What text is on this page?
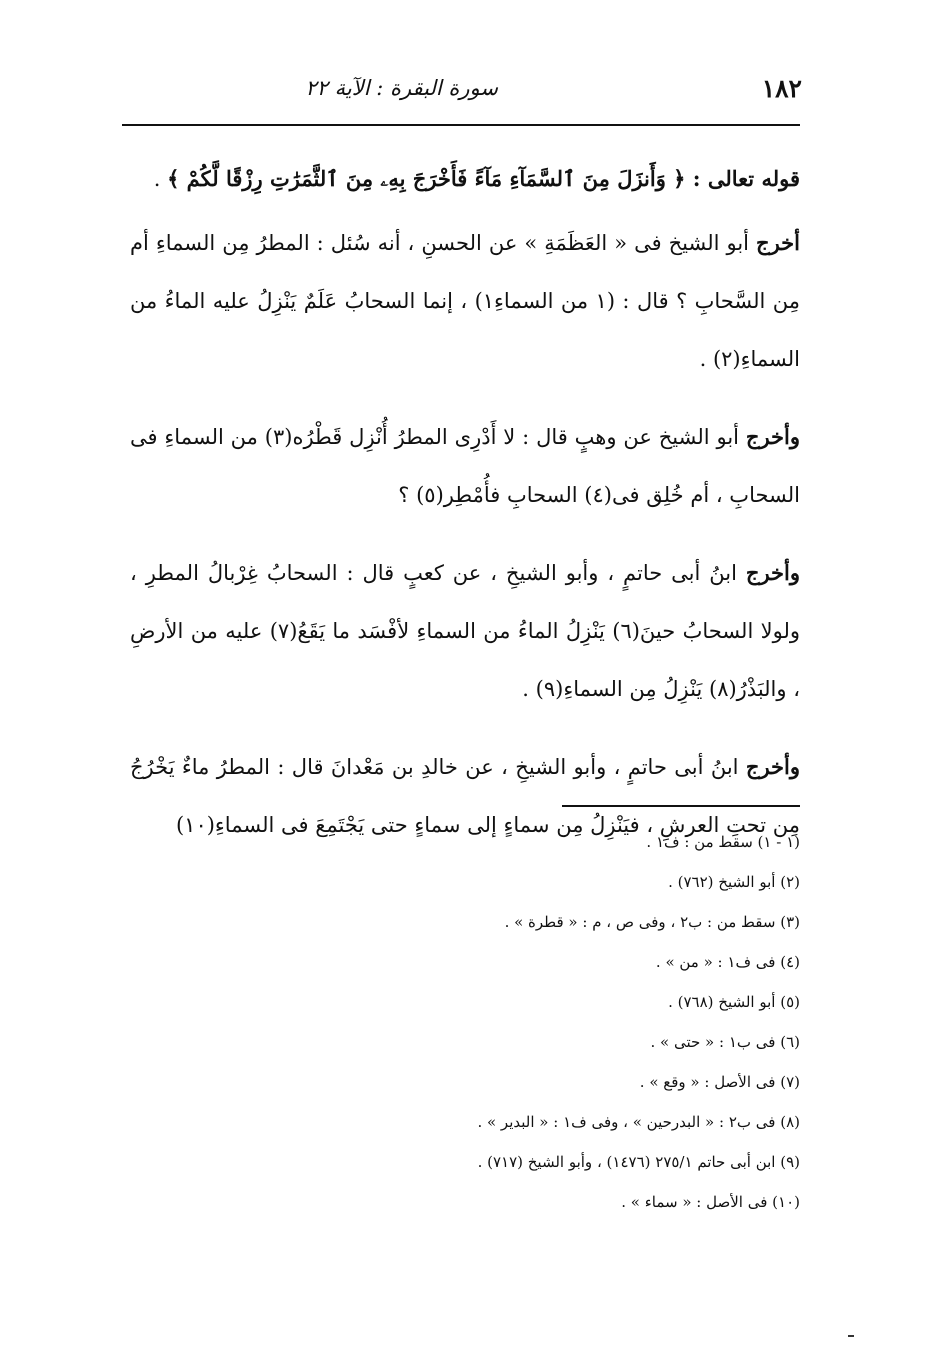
١٨٢
سورة البقرة : الآية ٢٢

قوله تعالى : ﴿ وَأَنزَلَ مِنَ ٱلسَّمَآءِ مَآءً فَأَخْرَجَ بِهِۦ مِنَ ٱلثَّمَرَٰتِ رِزْقًا لَّكُمْ ﴾ .

أخرج أبو الشيخ فى « العَظَمَةِ » عن الحسنِ ، أنه سُئل : المطرُ مِن السماءِ أم مِن السَّحابِ ؟ قال : (١ من السماءِ١) ، إنما السحابُ عَلَمٌ يَنْزِلُ عليه الماءُ من السماءِ(٢) .

وأخرج أبو الشيخ عن وهبٍ قال : لا أَدْرِى المطرُ أُنْزِل قَطْرُه(٣) من السماءِ فى السحابِ ، أم خُلِق فى(٤) السحابِ فأُمْطِر(٥) ؟

وأخرج ابنُ أبى حاتمٍ ، وأبو الشيخِ ، عن كعبٍ قال : السحابُ غِرْبالُ المطرِ ، ولولا السحابُ حينَ(٦) يَنْزِلُ الماءُ من السماءِ لأفْسَد ما يَقَعُ(٧) عليه من الأرضِ ، والبَذْرُ(٨) يَنْزِلُ مِن السماءِ(٩) .

وأخرج ابنُ أبى حاتمٍ ، وأبو الشيخِ ، عن خالدِ بن مَعْدانَ قال : المطرُ ماءٌ يَخْرُجُ مِن تحتِ العرشِ ، فيَنْزِلُ مِن سماءٍ إلى سماءٍ حتى يَجْتَمِعَ فى السماءِ(١٠)

(١ - ١) سقط من : ف١ .
(٢) أبو الشيخ (٧٦٢) .
(٣) سقط من : ب٢ ، وفى ص ، م : « قطرة » .
(٤) فى ف١ : « من » .
(٥) أبو الشيخ (٧٦٨) .
(٦) فى ب١ : « حتى » .
(٧) فى الأصل : « وقع » .
(٨) فى ب٢ : « البدرحين » ، وفى ف١ : « البدير » .
(٩) ابن أبى حاتم ٢٧٥/١ (١٤٧٦) ، وأبو الشيخ (٧١٧) .
(١٠) فى الأصل : « سماء » .
